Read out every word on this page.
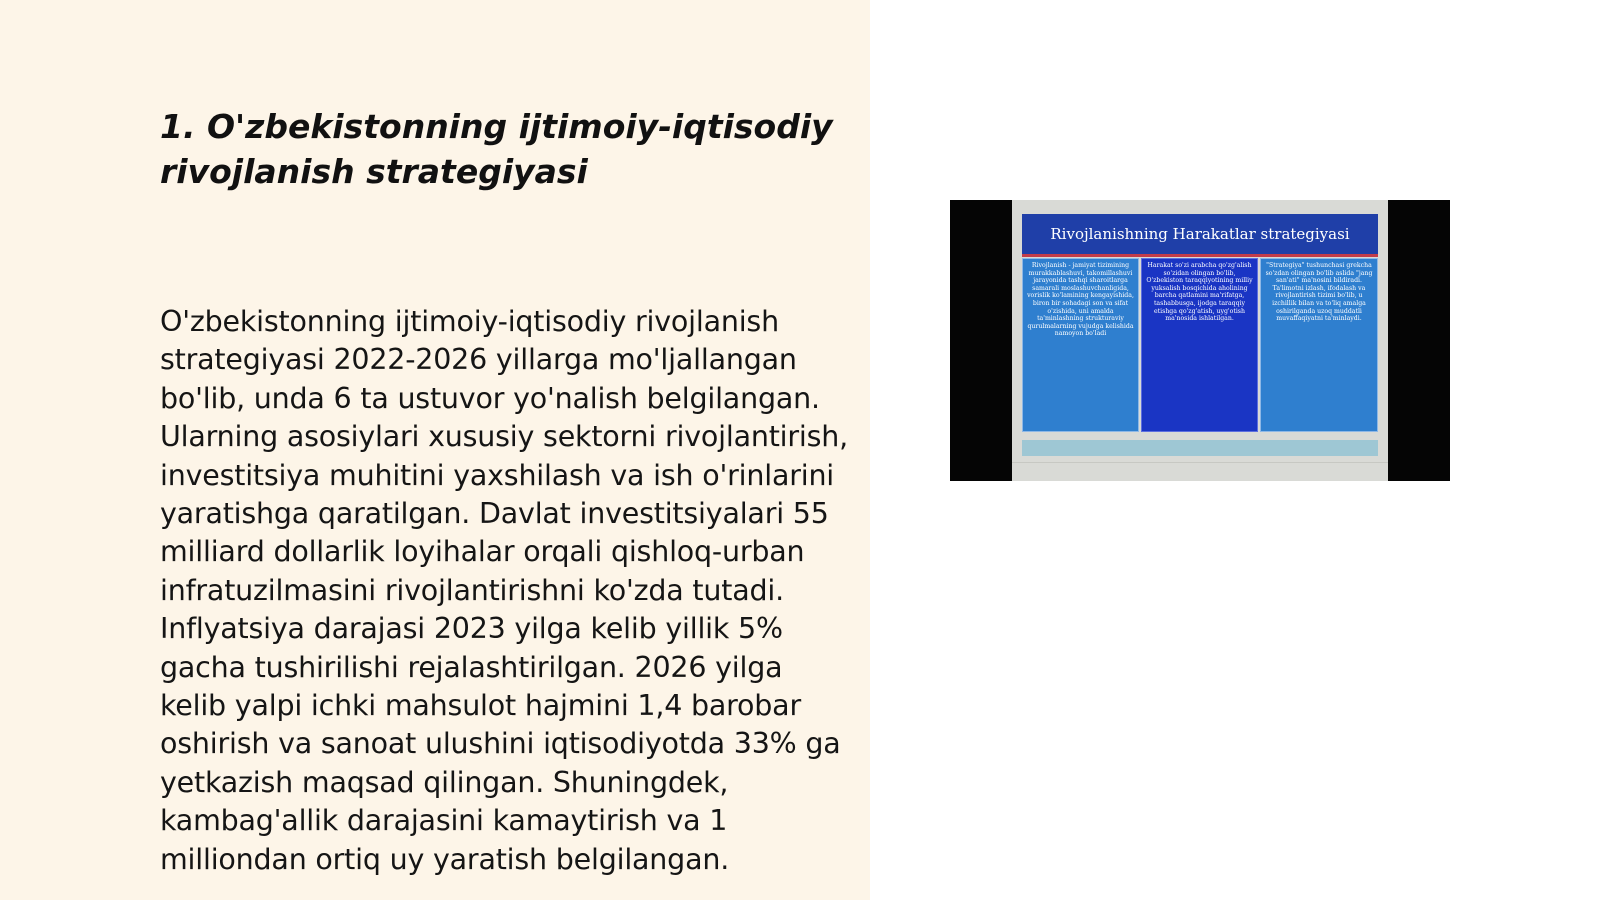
1. O'zbekistonning ijtimoiy-iqtisodiy rivojlanish strategiyasi

O'zbekistonning ijtimoiy-iqtisodiy rivojlanish strategiyasi 2022-2026 yillarga mo'ljallangan bo'lib, unda 6 ta ustuvor yo'nalish belgilangan. Ularning asosiylari xususiy sektorni rivojlantirish, investitsiya muhitini yaxshilash va ish o'rinlarini yaratishga qaratilgan. Davlat investitsiyalari 55 milliard dollarlik loyihalar orqali qishloq-urban infratuzilmasini rivojlantirishni ko'zda tutadi. Inflyatsiya darajasi 2023 yilga kelib yillik 5% gacha tushirilishi rejalashtirilgan. 2026 yilga kelib yalpi ichki mahsulot hajmini 1,4 barobar oshirish va sanoat ulushini iqtisodiyotda 33% ga yetkazish maqsad qilingan. Shuningdek, kambag'allik darajasini kamaytirish va 1 milliondan ortiq uy yaratish belgilangan.

Rivojlanishning Harakatlar strategiyasi
Rivojlanish - jamiyat tizimining murakkablashuvi, takomillashuvi jarayonida tashqi sharoitlarga samarali moslashuvchanligida, vorislik ko'lamining kengayishida, biron bir sohadagi son va sifat o'zishida, uni amalda ta'minlashning strukturaviy qurulmalarning vujudga kelishida namoyon bo'ladi
Harakat so'zi arabcha qo'zg'alish so'zidan olingan bo'lib, O'zbekiston taraqqiyotining milliy yuksalish bosqichida aholining barcha qatlamini ma'rifatga, tashabbusga, ijodga taraqqiy etishga qo'zg'atish, uyg'otish ma'nosida ishlatilgan.
"Strategiya" tushunchasi grekcha so'zdan olingan bo'lib aslida "jang san'ati" ma'nosini bildiradi. Ta'limotni izlash, ifodalash va rivojlantirish tizimi bo'lib, u izchillik bilan va to'liq amalga oshirilganda uzoq muddatli muvaffaqiyatni ta'minlaydi.
